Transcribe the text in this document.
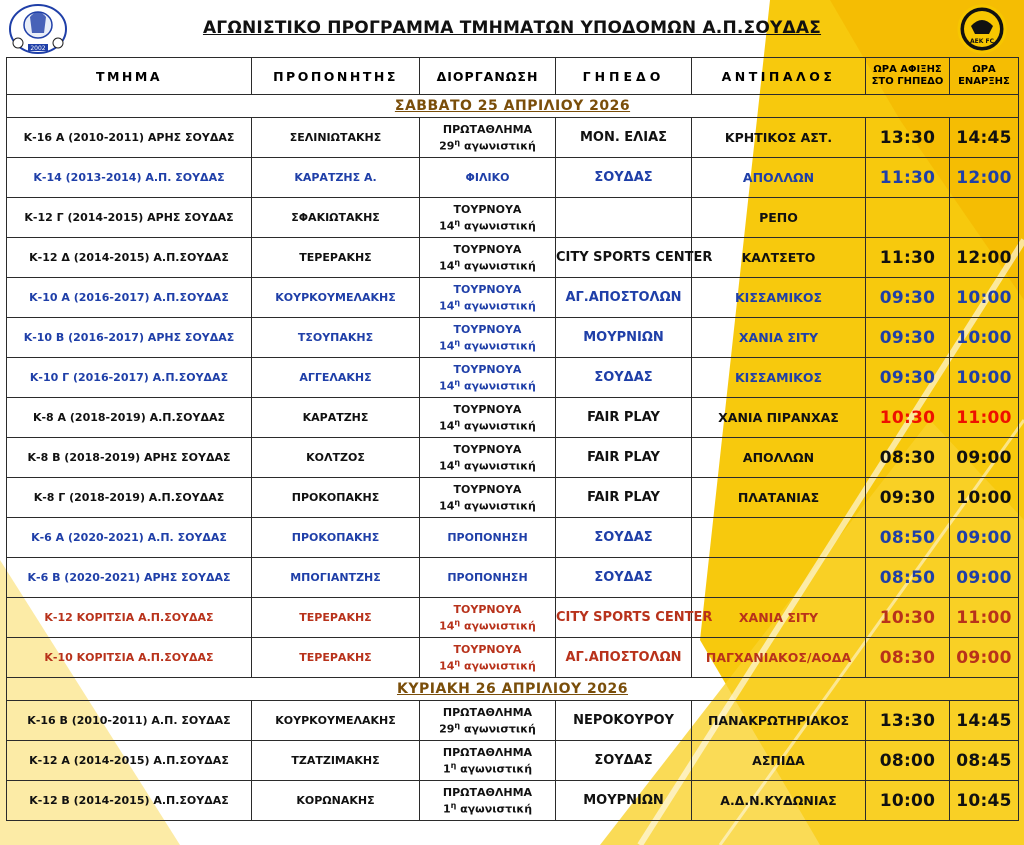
2002
ΑΓΩΝΙΣΤΙΚΟ ΠΡΟΓΡΑΜΜΑ ΤΜΗΜΑΤΩΝ ΥΠΟΔΟΜΩΝ Α.Π.ΣΟΥΔΑΣ
AEK FC
ΤΜΗΜΑ	ΠΡΟΠΟΝΗΤΗΣ	ΔΙΟΡΓΑΝΩΣΗ	ΓΗΠΕΔΟ	ΑΝΤΙΠΑΛΟΣ	ΩΡΑ ΑΦΙΞΗΣ
ΣΤΟ ΓΗΠΕΔΟ	ΩΡΑ
ΕΝΑΡΞΗΣ
ΣΑΒΒΑΤΟ 25 ΑΠΡΙΛΙΟΥ 2026						
Κ-16 Α (2010-2011) ΑΡΗΣ ΣΟΥΔΑΣ	ΣΕΛΙΝΙΩΤΑΚΗΣ	ΠΡΩΤΑΘΛΗΜΑ
$29^\eta$ αγωνιστική	ΜΟΝ. ΕΛΙΑΣ	ΚΡΗΤΙΚΟΣ ΑΣΤ.	13:30	14:45
Κ-14 (2013-2014) Α.Π. ΣΟΥΔΑΣ	ΚΑΡΑΤΖΗΣ Α.	ΦΙΛΙΚΟ	ΣΟΥΔΑΣ	ΑΠΟΛΛΩΝ	11:30	12:00
Κ-12 Γ (2014-2015) ΑΡΗΣ ΣΟΥΔΑΣ	ΣΦΑΚΙΩΤΑΚΗΣ	ΤΟΥΡΝΟΥΑ
$14^\eta$ αγωνιστική		ΡΕΠΟ		
Κ-12 Δ (2014-2015) Α.Π.ΣΟΥΔΑΣ	ΤΕΡΕΡΑΚΗΣ	ΤΟΥΡΝΟΥΑ
$14^\eta$ αγωνιστική	CITY SPORTS CENTER	ΚΑΛΤΣΕΤΟ	11:30	12:00
Κ-10 Α (2016-2017) Α.Π.ΣΟΥΔΑΣ	ΚΟΥΡΚΟΥΜΕΛΑΚΗΣ	ΤΟΥΡΝΟΥΑ
$14^\eta$ αγωνιστική	ΑΓ.ΑΠΟΣΤΟΛΩΝ	ΚΙΣΣΑΜΙΚΟΣ	09:30	10:00
Κ-10 Β (2016-2017) ΑΡΗΣ ΣΟΥΔΑΣ	ΤΣΟΥΠΑΚΗΣ	ΤΟΥΡΝΟΥΑ
$14^\eta$ αγωνιστική	ΜΟΥΡΝΙΩΝ	ΧΑΝΙΑ ΣΙΤΥ	09:30	10:00
Κ-10 Γ (2016-2017) Α.Π.ΣΟΥΔΑΣ	ΑΓΓΕΛΑΚΗΣ	ΤΟΥΡΝΟΥΑ
$14^\eta$ αγωνιστική	ΣΟΥΔΑΣ	ΚΙΣΣΑΜΙΚΟΣ	09:30	10:00
Κ-8 Α (2018-2019) Α.Π.ΣΟΥΔΑΣ	ΚΑΡΑΤΖΗΣ	ΤΟΥΡΝΟΥΑ
$14^\eta$ αγωνιστική	FAIR PLAY	ΧΑΝΙΑ ΠΙΡΑΝΧΑΣ	10:30	11:00
Κ-8 Β (2018-2019) ΑΡΗΣ ΣΟΥΔΑΣ	ΚΟΛΤΖΟΣ	ΤΟΥΡΝΟΥΑ
$14^\eta$ αγωνιστική	FAIR PLAY	ΑΠΟΛΛΩΝ	08:30	09:00
Κ-8 Γ (2018-2019) Α.Π.ΣΟΥΔΑΣ	ΠΡΟΚΟΠΑΚΗΣ	ΤΟΥΡΝΟΥΑ
$14^\eta$ αγωνιστική	FAIR PLAY	ΠΛΑΤΑΝΙΑΣ	09:30	10:00
Κ-6 Α (2020-2021) Α.Π. ΣΟΥΔΑΣ	ΠΡΟΚΟΠΑΚΗΣ	ΠΡΟΠΟΝΗΣΗ	ΣΟΥΔΑΣ		08:50	09:00
Κ-6 Β (2020-2021) ΑΡΗΣ ΣΟΥΔΑΣ	ΜΠΟΓΙΑΝΤΖΗΣ	ΠΡΟΠΟΝΗΣΗ	ΣΟΥΔΑΣ		08:50	09:00
Κ-12 ΚΟΡΙΤΣΙΑ Α.Π.ΣΟΥΔΑΣ	ΤΕΡΕΡΑΚΗΣ	ΤΟΥΡΝΟΥΑ
$14^\eta$ αγωνιστική	CITY SPORTS CENTER	ΧΑΝΙΑ ΣΙΤΥ	10:30	11:00
Κ-10 ΚΟΡΙΤΣΙΑ Α.Π.ΣΟΥΔΑΣ	ΤΕΡΕΡΑΚΗΣ	ΤΟΥΡΝΟΥΑ
$14^\eta$ αγωνιστική	ΑΓ.ΑΠΟΣΤΟΛΩΝ	ΠΑΓΧΑΝΙΑΚΟΣ/ΑΟΔΑ	08:30	09:00
ΚΥΡΙΑΚΗ 26 ΑΠΡΙΛΙΟΥ 2026						
Κ-16 Β (2010-2011) Α.Π. ΣΟΥΔΑΣ	ΚΟΥΡΚΟΥΜΕΛΑΚΗΣ	ΠΡΩΤΑΘΛΗΜΑ
$29^\eta$ αγωνιστική	ΝΕΡΟΚΟΥΡΟΥ	ΠΑΝΑΚΡΩΤΗΡΙΑΚΟΣ	13:30	14:45
Κ-12 Α (2014-2015) Α.Π.ΣΟΥΔΑΣ	ΤΖΑΤΖΙΜΑΚΗΣ	ΠΡΩΤΑΘΛΗΜΑ
$1^\eta$ αγωνιστική	ΣΟΥΔΑΣ	ΑΣΠΙΔΑ	08:00	08:45
Κ-12 Β (2014-2015) Α.Π.ΣΟΥΔΑΣ	ΚΟΡΩΝΑΚΗΣ	ΠΡΩΤΑΘΛΗΜΑ
$1^\eta$ αγωνιστική	ΜΟΥΡΝΙΩΝ	Α.Δ.Ν.ΚΥΔΩΝΙΑΣ	10:00	10:45
